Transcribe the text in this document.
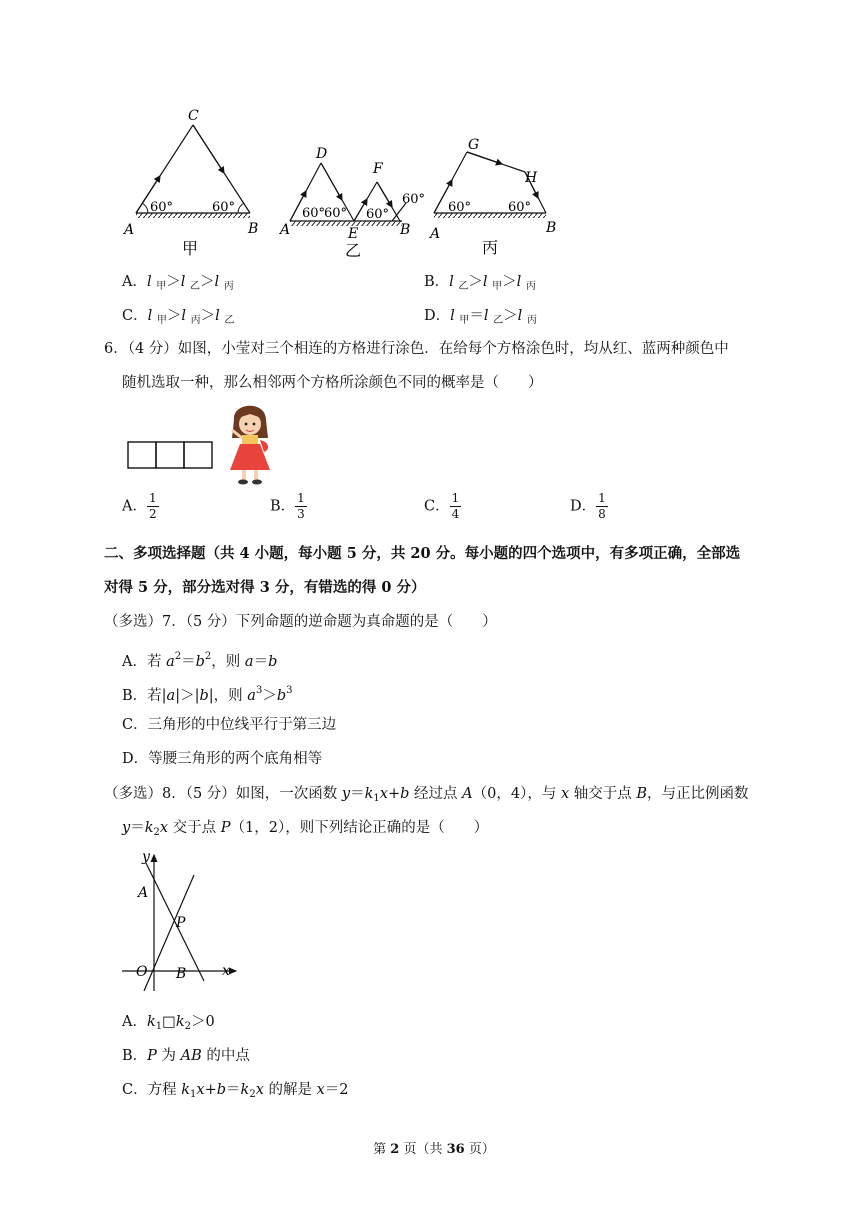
A	B
C
60°	60°
甲
A	B
D
E
F
60°
60° 60°
60°
乙
A	B
G
H
60°	60°
丙
A．l $_甲$＞l $_乙$＞l $_丙$	B．l $_乙$＞l $_甲$＞l $_丙$
C．l $_甲$＞l $_丙$＞l $_乙$	D．l $_甲$＝l $_乙$＞l $_丙$
6．（4 分）如图，小莹对三个相连的方格进行涂色．在给每个方格涂色时，均从红、蓝两种颜色中
随机选取一种，那么相邻两个方格所涂颜色不同的概率是（　　）
A． $\frac{1}{2}$	B． $\frac{1}{3}$	C． $\frac{1}{4}$	D． $\frac{1}{8}$
二、多项选择题（共 4 小题，每小题 5 分，共 20 分。每小题的四个选项中，有多项正确，全部选
对得 5 分，部分选对得 3 分，有错选的得 0 分）
（多选）7．（5 分）下列命题的逆命题为真命题的是（　　）
A．若 $a^2=b^2$，则 a＝b
B．若|a|＞|b|，则 $a^3>b^3$
C．三角形的中位线平行于第三边
D．等腰三角形的两个底角相等
（多选）8．（5 分）如图，一次函数 $y=k_1x+b$ 经过点 A（0，4），与 x 轴交于点 B，与正比例函数
$y=k_2x$ 交于点 P（1，2），则下列结论正确的是（　　）
y
x
A
P
O B
A．$k_1□k_2>0$
B．P 为 AB 的中点
C．方程 $k_1x+b=k_2x$ 的解是 x＝2
第 2 页（共 36 页）
